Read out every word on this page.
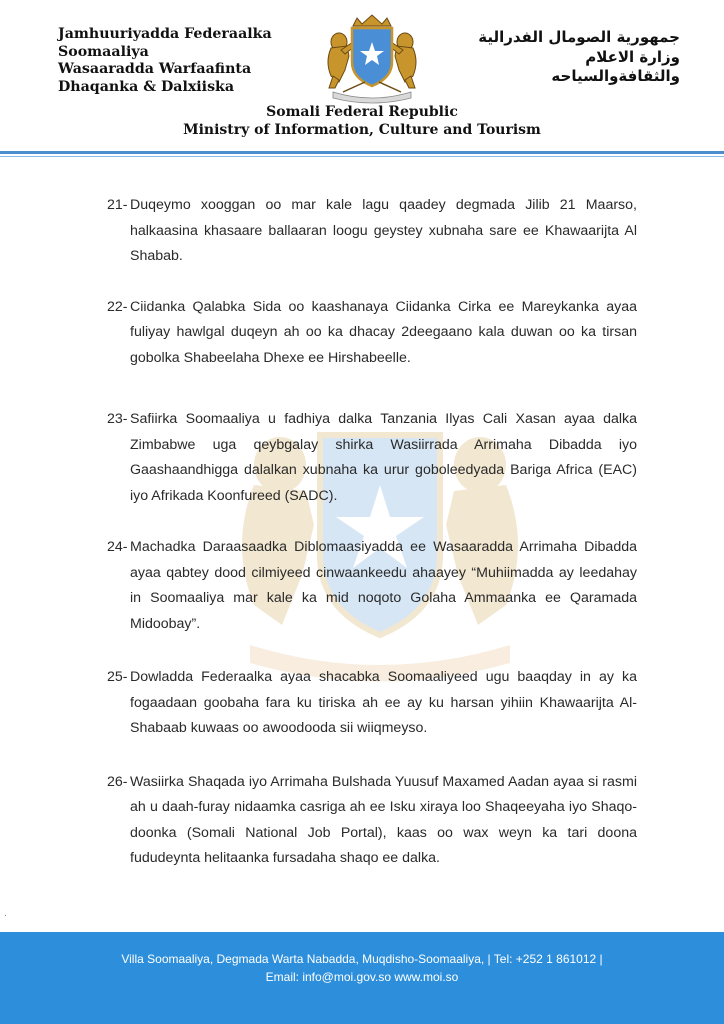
Jamhuuriyadda Federaalka
Soomaaliya
Wasaaradda Warfaafinta
Dhaqanka & Dalxiiska
جمهورية الصومال الفدرالية
وزارة الاعلام
والثقافةوالسياحه
Somali Federal Republic
Ministry of Information, Culture and Tourism
21- Duqeymo xooggan oo mar kale lagu qaadey degmada Jilib 21 Maarso, halkaasina khasaare ballaaran loogu geystey xubnaha sare ee Khawaarijta Al Shabab.
22- Ciidanka Qalabka Sida oo kaashanaya Ciidanka Cirka ee Mareykanka ayaa fuliyay hawlgal duqeyn ah oo ka dhacay 2deegaano kala duwan oo ka tirsan gobolka Shabeelaha Dhexe ee Hirshabeelle.
23- Safiirka Soomaaliya u fadhiya dalka Tanzania Ilyas Cali Xasan ayaa dalka Zimbabwe uga qeybgalay shirka Wasiirrada Arrimaha Dibadda iyo Gaashaandhigga dalalkan xubnaha ka urur goboleedyada Bariga Africa (EAC) iyo Afrikada Koonfureed (SADC).
24- Machadka Daraasaadka Diblomaasiyadda ee Wasaaradda Arrimaha Dibadda ayaa qabtey dood cilmiyeed cinwaankeedu ahaayey “Muhiimadda ay leedahay in Soomaaliya mar kale ka mid noqoto Golaha Ammaanka ee Qaramada Midoobay”.
25- Dowladda Federaalka ayaa shacabka Soomaaliyeed ugu baaqday in ay ka fogaadaan goobaha fara ku tiriska ah ee ay ku harsan yihiin Khawaarijta Al-Shabaab kuwaas oo awoodooda sii wiiqmeyso.
26- Wasiirka Shaqada iyo Arrimaha Bulshada Yuusuf Maxamed Aadan ayaa si rasmi ah u daah-furay nidaamka casriga ah ee Isku xiraya loo Shaqeeyaha iyo Shaqo-doonka (Somali National Job Portal), kaas oo wax weyn ka tari doona fududeynta helitaanka fursadaha shaqo ee dalka.
.
Villa Soomaaliya, Degmada Warta Nabadda, Muqdisho-Soomaaliya, | Tel: +252 1 861012 |
Email: info@moi.gov.so www.moi.so
